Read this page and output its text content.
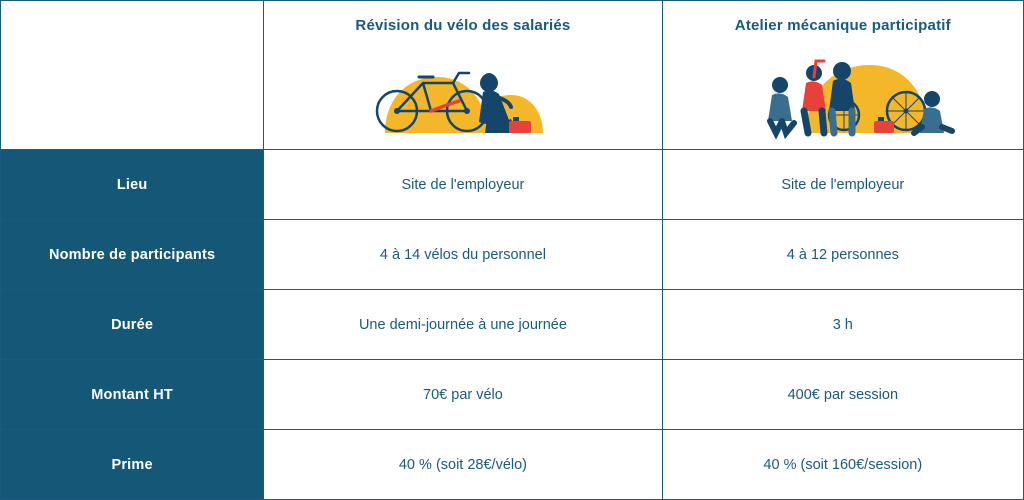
	Révision du vélo des salariés	Atelier mécanique participatif

Lieu	Site de l'employeur	Site de l'employeur
Nombre de participants	4 à 14 vélos du personnel	4 à 12 personnes
Durée	Une demi-journée à une journée	3 h
Montant HT	70€ par vélo	400€ par session
Prime	40 % (soit 28€/vélo)	40 % (soit 160€/session)
